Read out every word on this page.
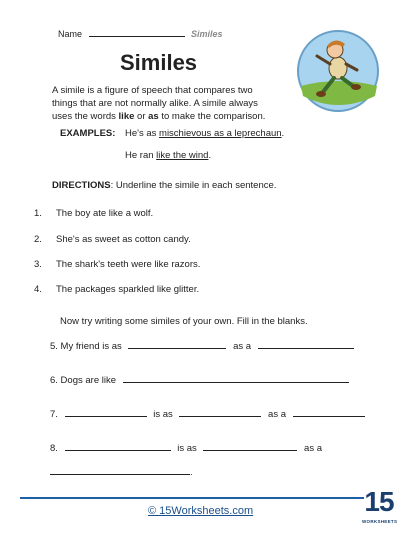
Name	Similes
Similes
A simile is a figure of speech that compares two
things that are not normally alike. A simile always
uses the words like or as to make the comparison.
EXAMPLES: He's as mischievous as a leprechaun.
He ran like the wind.
DIRECTIONS: Underline the simile in each sentence.
1. The boy ate like a wolf.
2. She's as sweet as cotton candy.
3. The shark's teeth were like razors.
4. The packages sparkled like glitter.
Now try writing some similes of your own. Fill in the blanks.
5. My friend is as	as a
6. Dogs are like
7.	is as	as a
8.	is as	as a
.
© 15Worksheets.com	15
WORKSHEETS
